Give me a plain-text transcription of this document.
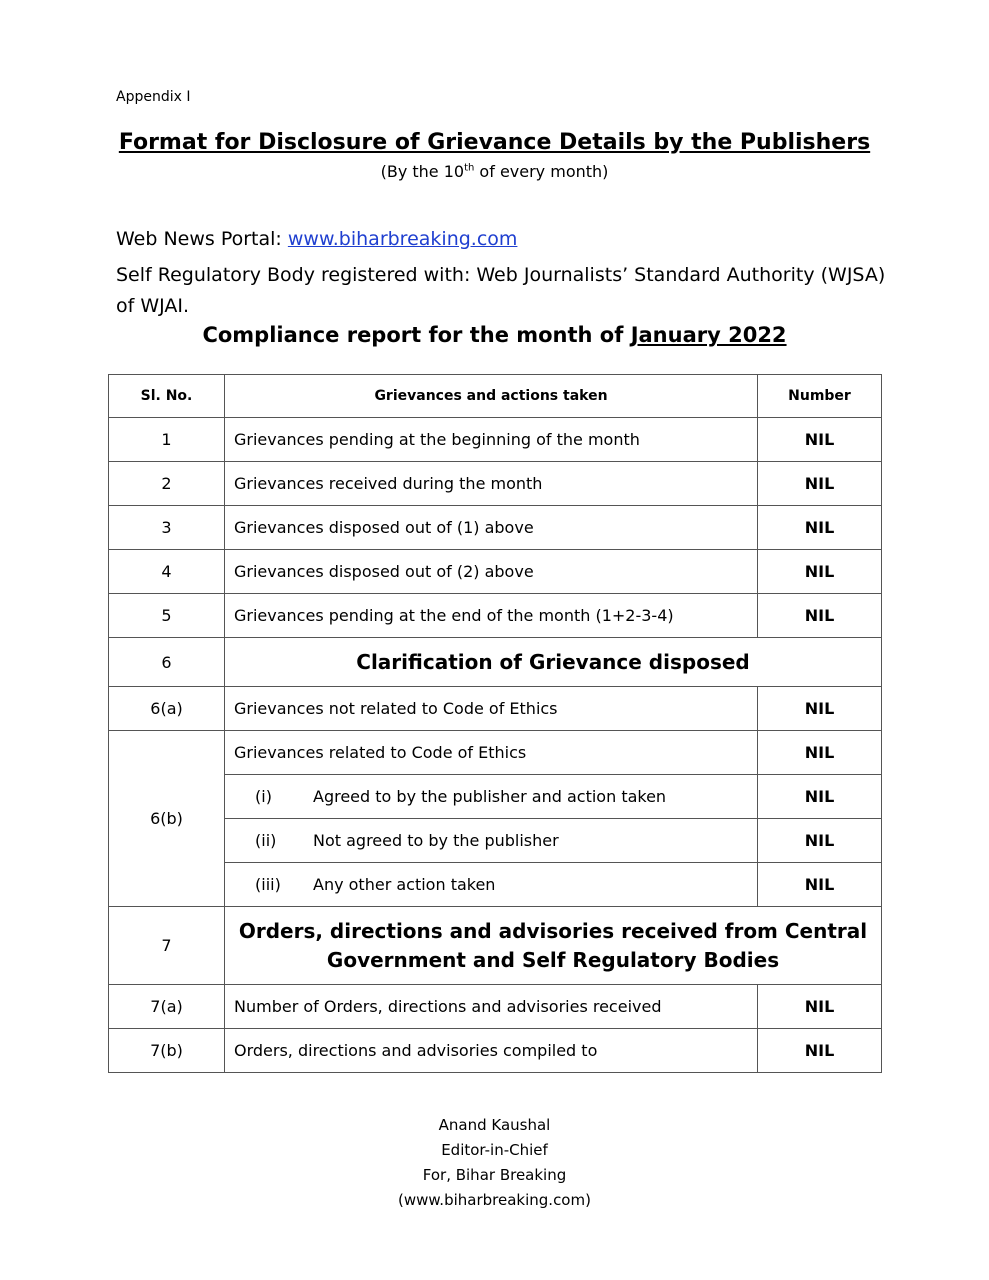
Appendix I
Format for Disclosure of Grievance Details by the Publishers
(By the 10th of every month)
Web News Portal: www.biharbreaking.com
Self Regulatory Body registered with: Web Journalists’ Standard Authority (WJSA) of WJAI.
Compliance report for the month of January 2022
Sl. No.	Grievances and actions taken	Number
1	Grievances pending at the beginning of the month	NIL
2	Grievances received during the month	NIL
3	Grievances disposed out of (1) above	NIL
4	Grievances disposed out of (2) above	NIL
5	Grievances pending at the end of the month (1+2-3-4)	NIL
6	Clarification of Grievance disposed	
6(a)	Grievances not related to Code of Ethics	NIL
6(b)	Grievances related to Code of Ethics	NIL
	(i) Agreed to by the publisher and action taken	NIL
	(ii) Not agreed to by the publisher	NIL
	(iii) Any other action taken	NIL
7	Orders, directions and advisories received from Central
Government and Self Regulatory Bodies	

7(a)	Number of Orders, directions and advisories received	NIL
7(b)	Orders, directions and advisories compiled to	NIL
Anand Kaushal
Editor-in-Chief
For, Bihar Breaking
(www.biharbreaking.com)
